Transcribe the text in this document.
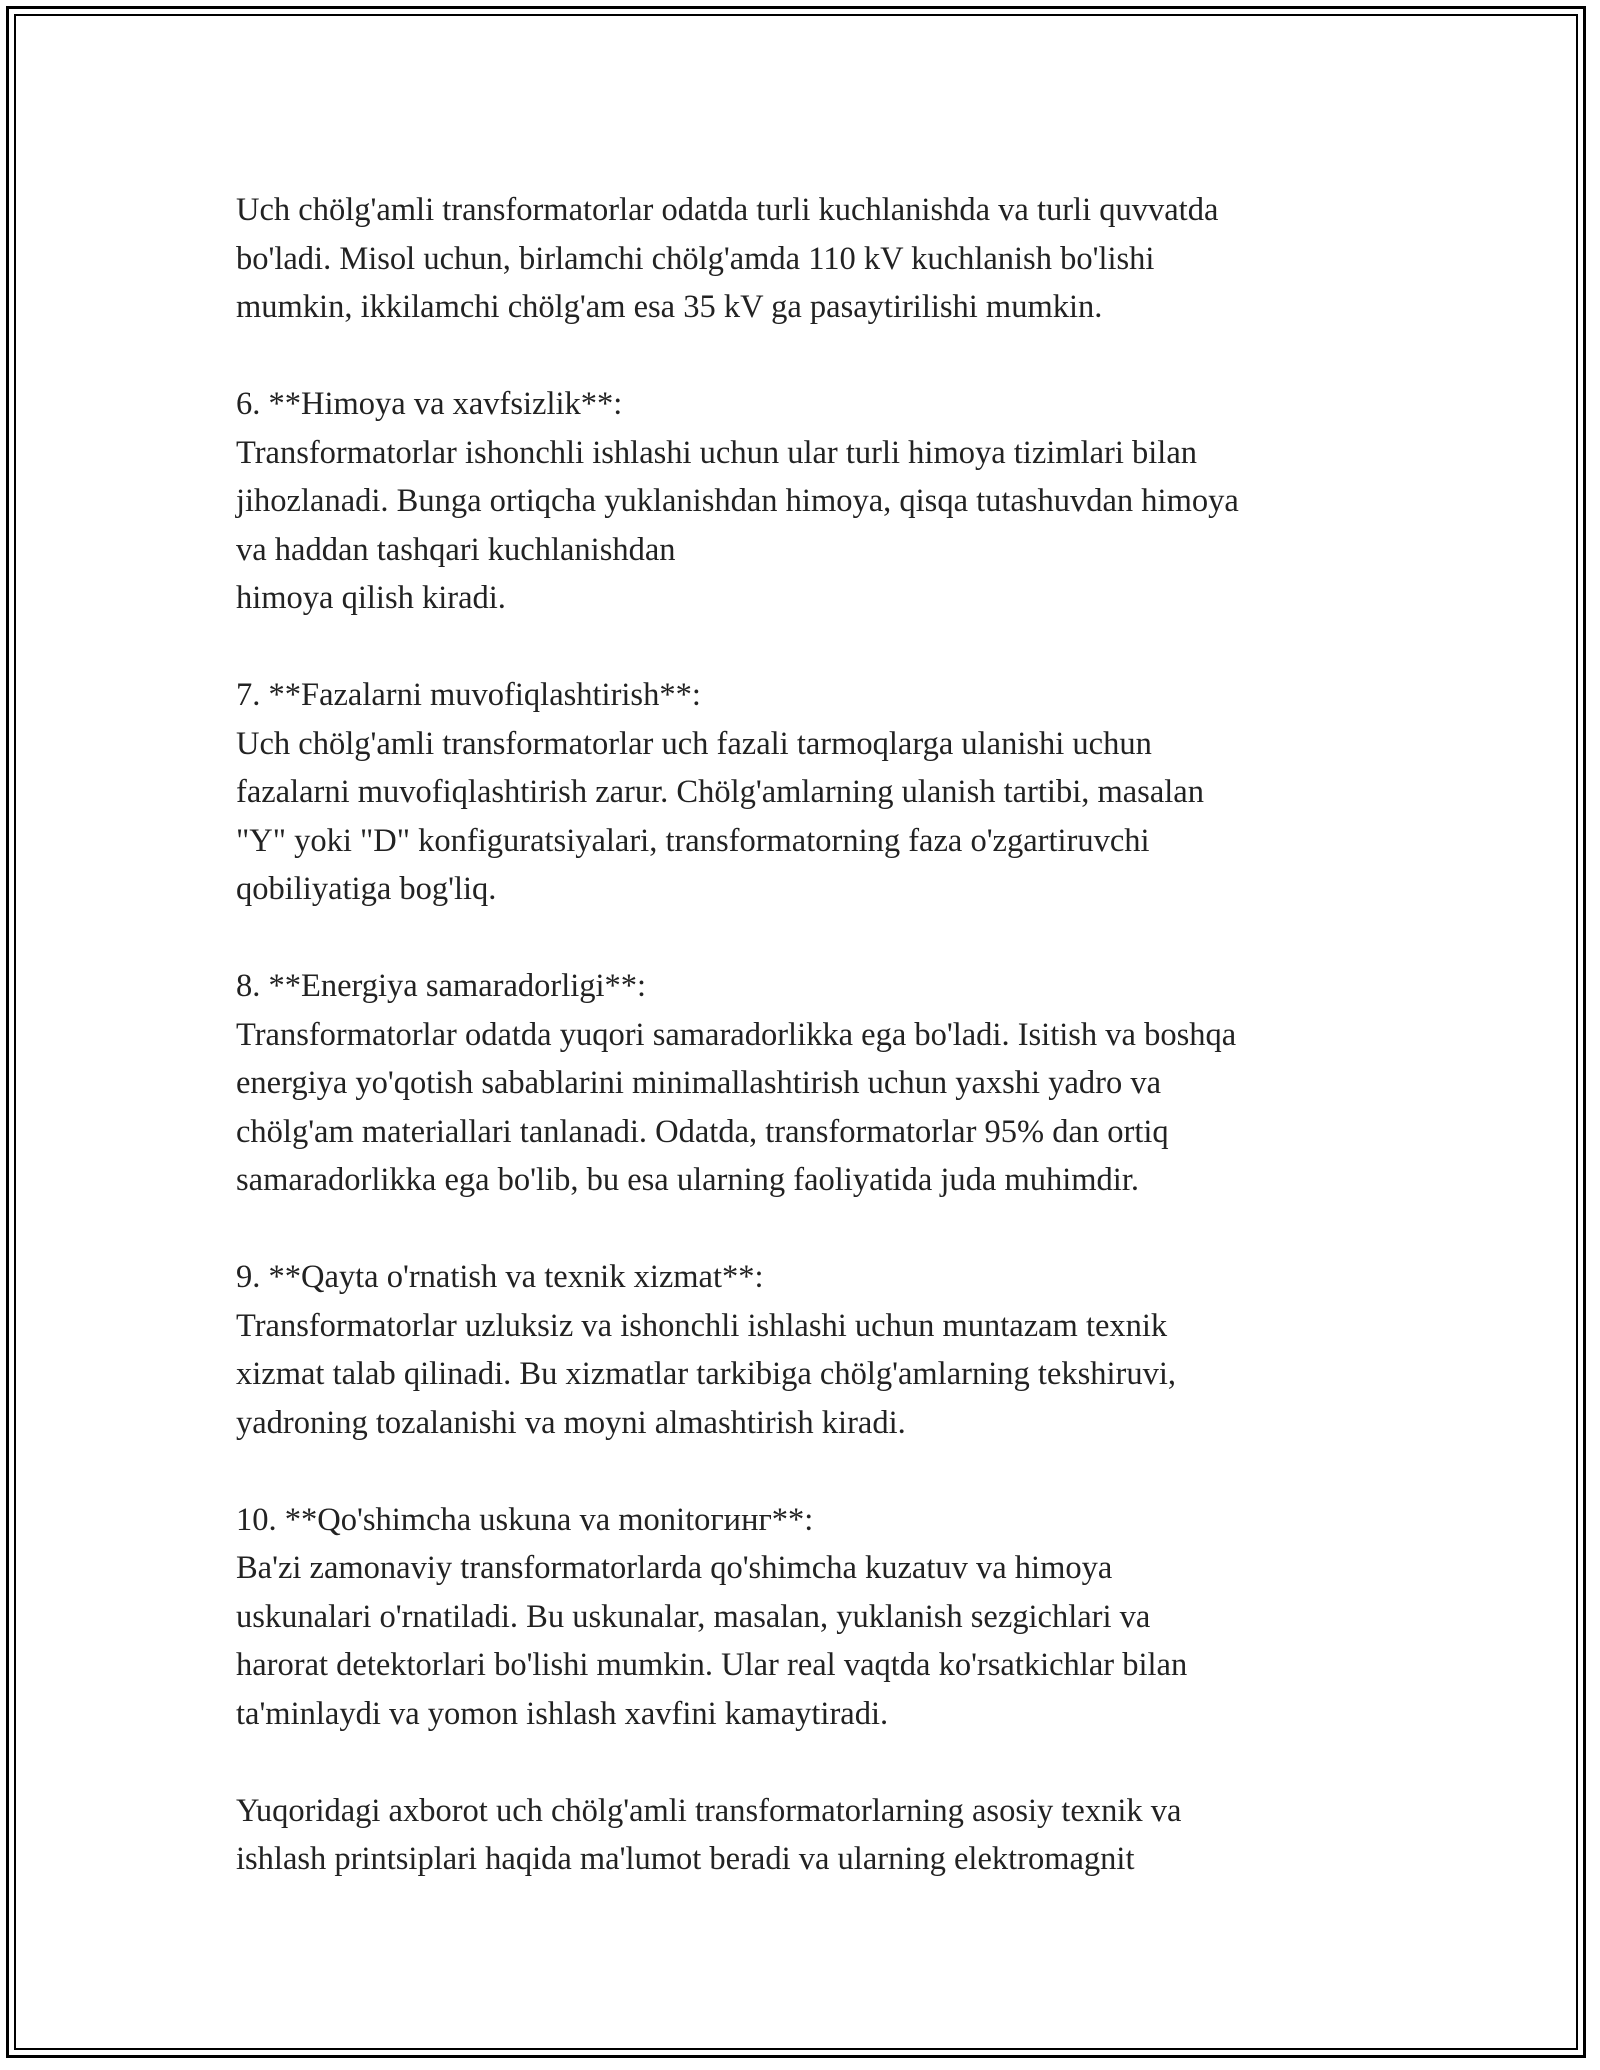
Uch chölg'amli transformatorlar odatda turli kuchlanishda va turli quvvatda
bo'ladi. Misol uchun, birlamchi chölg'amda 110 kV kuchlanish bo'lishi
mumkin, ikkilamchi chölg'am esa 35 kV ga pasaytirilishi mumkin.
6. **Himoya va xavfsizlik**:
Transformatorlar ishonchli ishlashi uchun ular turli himoya tizimlari bilan
jihozlanadi. Bunga ortiqcha yuklanishdan himoya, qisqa tutashuvdan himoya
va haddan tashqari kuchlanishdan
himoya qilish kiradi.
7. **Fazalarni muvofiqlashtirish**:
Uch chölg'amli transformatorlar uch fazali tarmoqlarga ulanishi uchun
fazalarni muvofiqlashtirish zarur. Chölg'amlarning ulanish tartibi, masalan
"Y" yoki "D" konfiguratsiyalari, transformatorning faza o'zgartiruvchi
qobiliyatiga bog'liq.
8. **Energiya samaradorligi**:
Transformatorlar odatda yuqori samaradorlikka ega bo'ladi. Isitish va boshqa
energiya yo'qotish sabablarini minimallashtirish uchun yaxshi yadro va
chölg'am materiallari tanlanadi. Odatda, transformatorlar 95% dan ortiq
samaradorlikka ega bo'lib, bu esa ularning faoliyatida juda muhimdir.
9. **Qayta o'rnatish va texnik xizmat**:
Transformatorlar uzluksiz va ishonchli ishlashi uchun muntazam texnik
xizmat talab qilinadi. Bu xizmatlar tarkibiga chölg'amlarning tekshiruvi,
yadroning tozalanishi va moyni almashtirish kiradi.
10. **Qo'shimcha uskuna va monitoгинг**:
Ba'zi zamonaviy transformatorlarda qo'shimcha kuzatuv va himoya
uskunalari o'rnatiladi. Bu uskunalar, masalan, yuklanish sezgichlari va
harorat detektorlari bo'lishi mumkin. Ular real vaqtda ko'rsatkichlar bilan
ta'minlaydi va yomon ishlash xavfini kamaytiradi.
Yuqoridagi axborot uch chölg'amli transformatorlarning asosiy texnik va
ishlash printsiplari haqida ma'lumot beradi va ularning elektromagnit
